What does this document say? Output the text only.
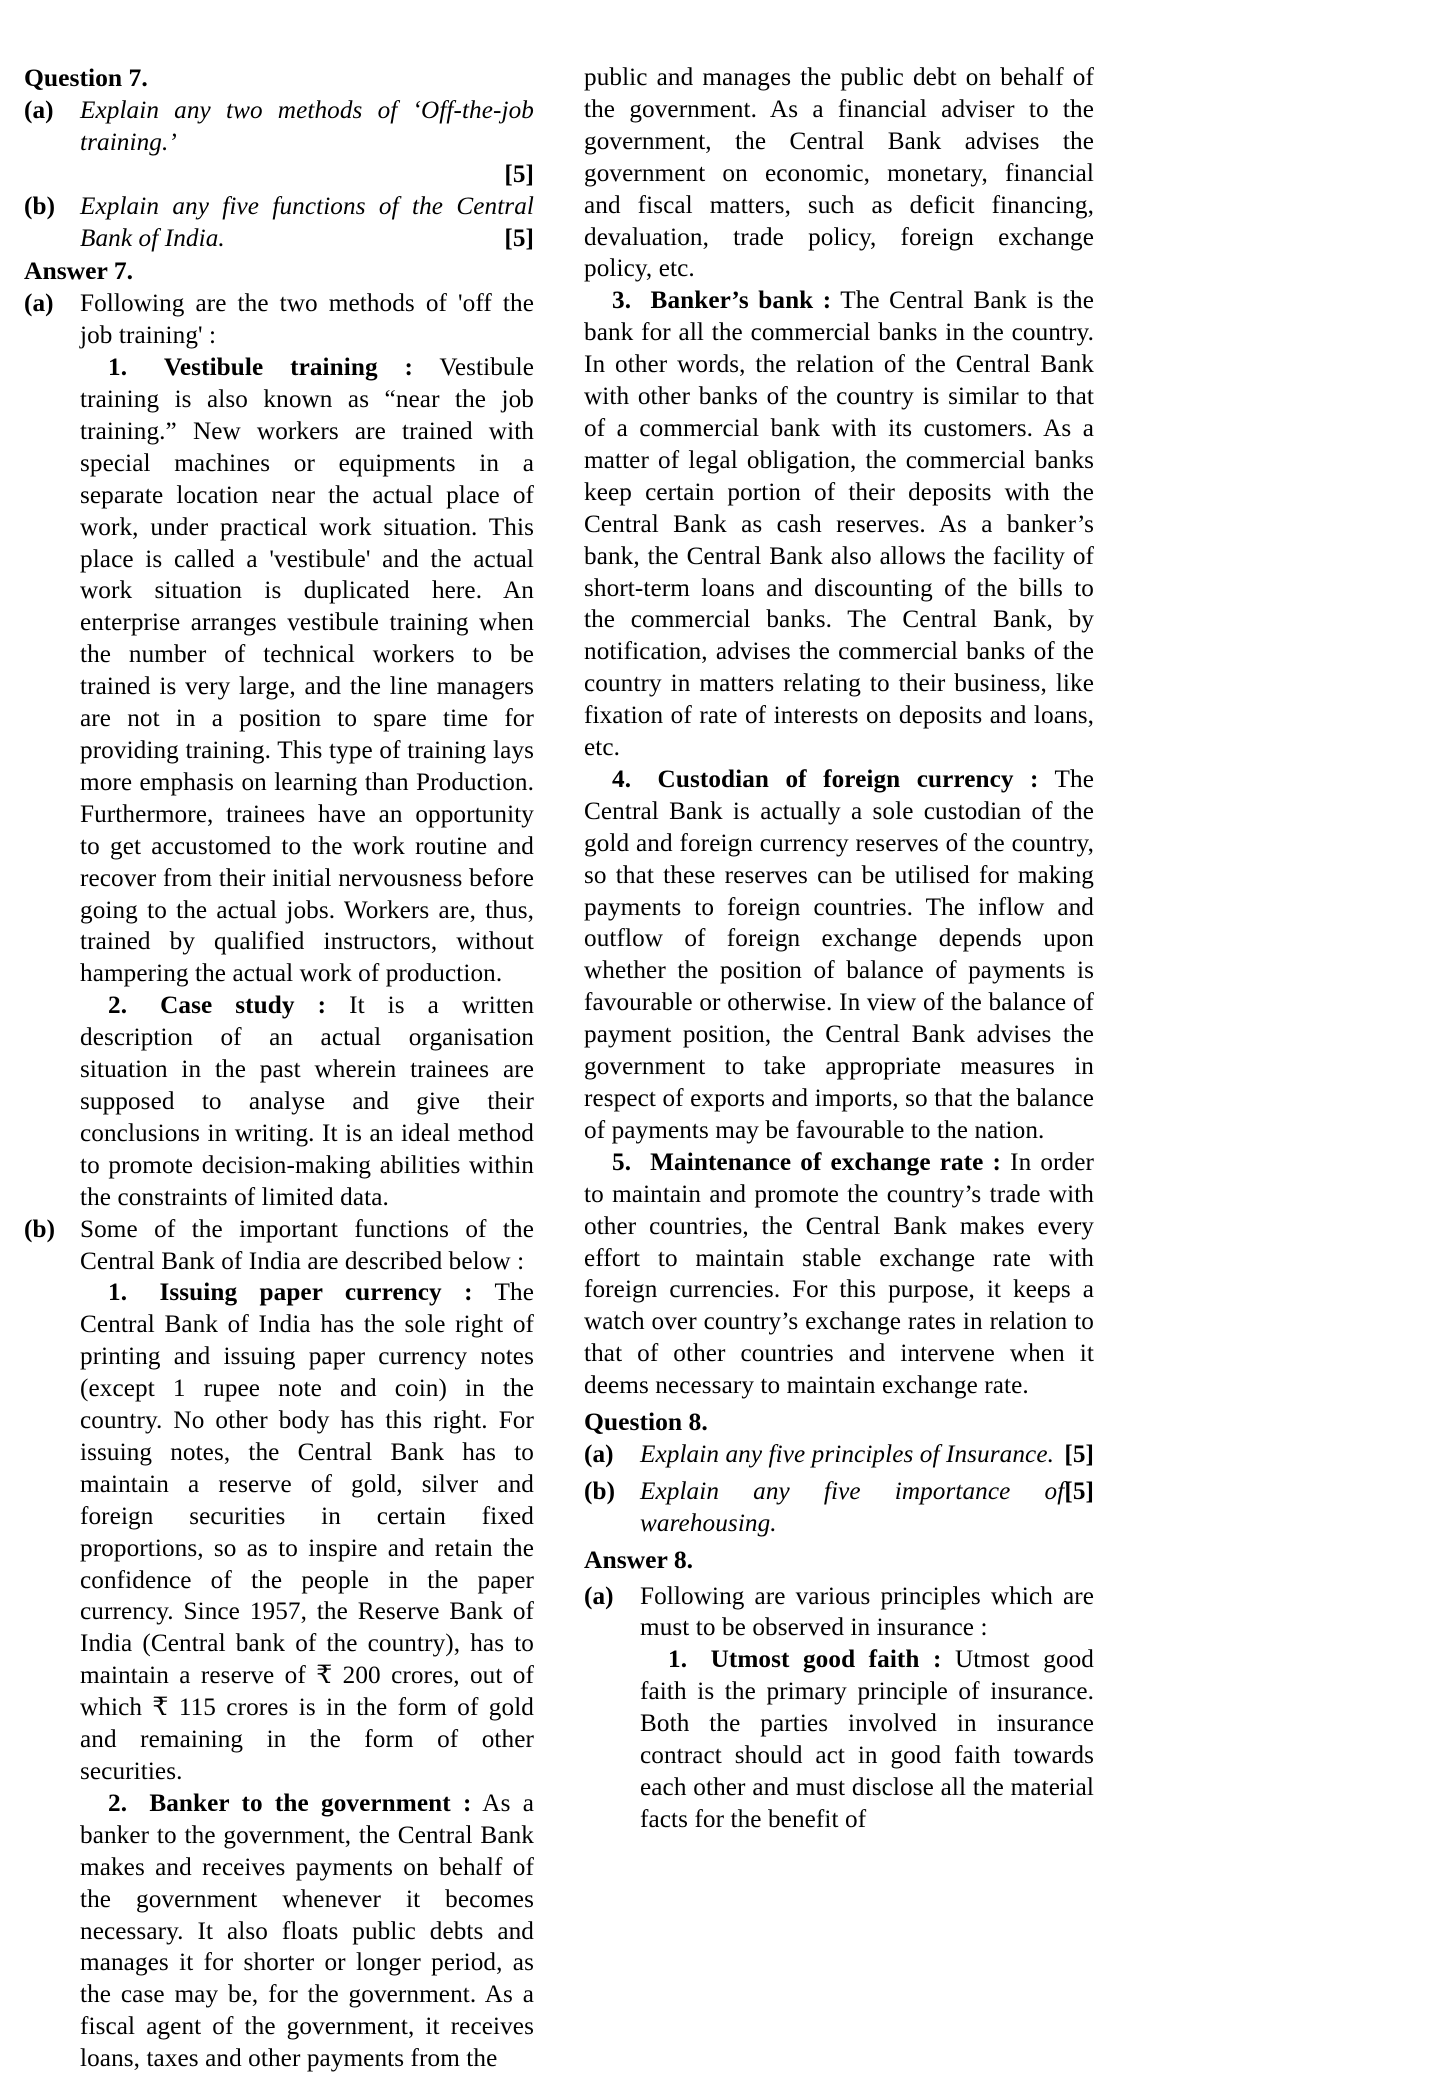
Question 7.
(a) Explain any two methods of ‘Off-the-job training.’
[5]
(b) Explain any five functions of the Central Bank of India.	[5]
Answer 7.
(a) Following are the two methods of 'off the job training' :
1. Vestibule training : Vestibule training is also known as “near the job training.” New workers are trained with special machines or equipments in a separate location near the actual place of work, under practical work situation. This place is called a 'vestibule' and the actual work situation is duplicated here. An enterprise arranges vestibule training when the number of technical workers to be trained is very large, and the line managers are not in a position to spare time for providing training. This type of training lays more emphasis on learning than Production. Furthermore, trainees have an opportunity to get accustomed to the work routine and recover from their initial nervousness before going to the actual jobs. Workers are, thus, trained by qualified instructors, without hampering the actual work of production.
2. Case study : It is a written description of an actual organisation situation in the past wherein trainees are supposed to analyse and give their conclusions in writing. It is an ideal method to promote decision-making abilities within the constraints of limited data.
(b) Some of the important functions of the Central Bank of India are described below :
1. Issuing paper currency : The Central Bank of India has the sole right of printing and issuing paper currency notes (except 1 rupee note and coin) in the country. No other body has this right. For issuing notes, the Central Bank has to maintain a reserve of gold, silver and foreign securities in certain fixed proportions, so as to inspire and retain the confidence of the people in the paper currency. Since 1957, the Reserve Bank of India (Central bank of the country), has to maintain a reserve of ₹ 200 crores, out of which ₹ 115 crores is in the form of gold and remaining in the form of other securities.
2. Banker to the government : As a banker to the government, the Central Bank makes and receives payments on behalf of the government whenever it becomes necessary. It also floats public debts and manages it for shorter or longer period, as the case may be, for the government. As a fiscal agent of the government, it receives loans, taxes and other payments from the
public and manages the public debt on behalf of the government. As a financial adviser to the government, the Central Bank advises the government on economic, monetary, financial and fiscal matters, such as deficit financing, devaluation, trade policy, foreign exchange policy, etc.
3. Banker’s bank : The Central Bank is the bank for all the commercial banks in the country. In other words, the relation of the Central Bank with other banks of the country is similar to that of a commercial bank with its customers. As a matter of legal obligation, the commercial banks keep certain portion of their deposits with the Central Bank as cash reserves. As a banker’s bank, the Central Bank also allows the facility of short-term loans and discounting of the bills to the commercial banks. The Central Bank, by notification, advises the commercial banks of the country in matters relating to their business, like fixation of rate of interests on deposits and loans, etc.
4. Custodian of foreign currency : The Central Bank is actually a sole custodian of the gold and foreign currency reserves of the country, so that these reserves can be utilised for making payments to foreign countries. The inflow and outflow of foreign exchange depends upon whether the position of balance of payments is favourable or otherwise. In view of the balance of payment position, the Central Bank advises the government to take appropriate measures in respect of exports and imports, so that the balance of payments may be favourable to the nation.
5. Maintenance of exchange rate : In order to maintain and promote the country’s trade with other countries, the Central Bank makes every effort to maintain stable exchange rate with foreign currencies. For this purpose, it keeps a watch over country’s exchange rates in relation to that of other countries and intervene when it deems necessary to maintain exchange rate.
Question 8.
(a)	[5]
Explain any five principles of Insurance.
(b)	[5]
Explain any five importance of warehousing.
Answer 8.
(a) Following are various principles which are must to be observed in insurance :
1. Utmost good faith : Utmost good faith is the primary principle of insurance. Both the parties involved in insurance contract should act in good faith towards each other and must disclose all the material facts for the benefit of
